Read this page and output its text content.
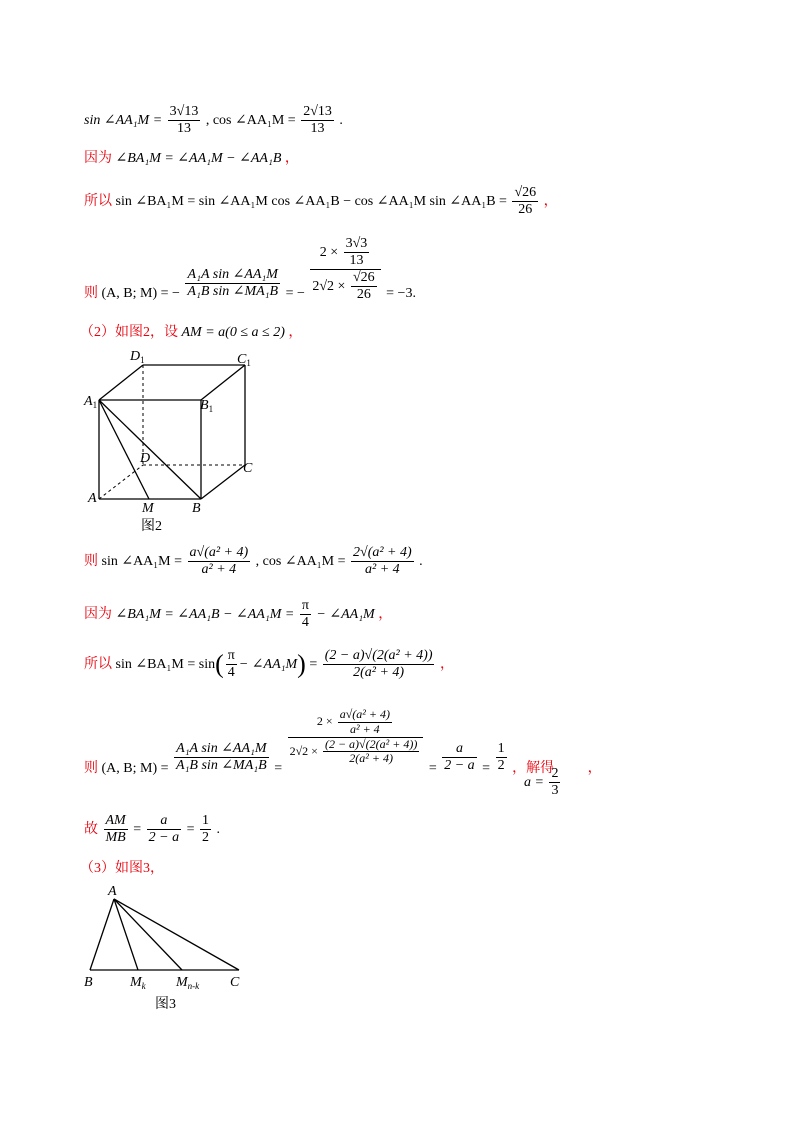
sin ∠AA₁M = $\frac{3√13}{13}$ , cos ∠AA₁M = $\frac{2√13}{13}$ .
因为 ∠BA₁M = ∠AA₁M − ∠AA₁B ，
所以 sin ∠BA₁M = sin ∠AA₁M cos ∠AA₁B − cos ∠AA₁M sin ∠AA₁B = $\frac{√26}{26}$ ，
则 (A, B; M) = − $\frac{\text{A₁A sin ∠AA₁M}}{\text{A₁B sin ∠MA₁B}}$ = − $\frac{2 \times \frac{3√3}{13}}{2√2 \times \frac{√26}{26}} = -3$.
（2）如图2，设 AM = a(0 ≤ a ≤ 2) ，
$D_1$	$C_1$
$A_1$	$B_1$
D
C
A
M	B
图2
则 sin ∠AA₁M = $\frac{\text{a√(a² + 4)}}{\text{a² + 4}}$ , cos ∠AA₁M = $\frac{\text{2√(a² + 4)}}{\text{a² + 4}}$ .
因为 ∠BA₁M = ∠AA₁B − ∠AA₁M = $\frac{\pi}{4}$ − ∠AA₁M ，
所以 sin ∠BA₁M = $\sin( \frac{\pi}{4}$ − ∠AA₁M) = $\frac{\text{(2 − a)√(2(a² + 4))}}{\text{2(a² + 4)}}$ ，
则 (A, B; $M) = \frac{\text{A₁A sin ∠AA₁M}}{\text{A₁B sin ∠MA₁B}}$ =
$\frac{2 \times \frac{\text{a√(a² + 4)}}{\text{a² + 4}}}{2√2 \times \frac{\text{(2 − a)√(2(a² + 4))}}{\text{2(a² + 4)}}}$
= $\frac{a}{2 - a} = \frac{1}{2}$ ，解得 ，
$a = \frac{2}{3}$
故 $\frac{AM}{MB} = \frac{a}{2 - a} = \frac{1}{2}$ .
（3）如图3，
A
B	C
$M_k$ $M_{n-k}$
图3
